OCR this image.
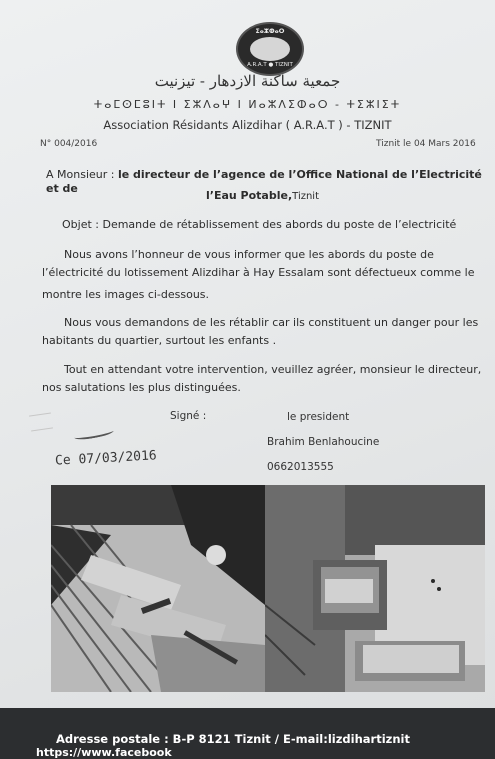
ⵉⴰⵣⵀⴰⵔ
A.R.A.T ● TIZNIT
جمعية ساكنة الازدهار - تيزنيت
ⵜⴰⵎⵙⵎⵓⵏⵜ ⵏ ⵉⵣⴷⴰⵖ ⵏ ⵍⴰⵣⴷⵉⵀⴰⵔ - ⵜⵉⵣⵏⵉⵜ
Association Résidants Alizdihar ( A.R.A.T ) - TIZNIT
N° 004/2016	Tiznit le 04 Mars 2016
A Monsieur : le directeur de l’agence de l’Office National de l’Electricité et de
l’Eau Potable,Tiznit
Objet : Demande de rétablissement des abords du poste de l’electricité
Nous avons l’honneur de vous informer que les abords du poste de
l’électricité du lotissement Alizdihar à Hay Essalam sont défectueux comme le
montre les images ci-dessous.
Nous vous demandons de les rétablir car ils constituent un danger pour les
habitants du quartier, surtout les enfants .
Tout en attendant votre intervention, veuillez agréer, monsieur le directeur,
nos salutations les plus distinguées.
Signé :	le president
Brahim Benlahoucine
0662013555
Ce 07/03/2016
Adresse postale : B-P 8121 Tiznit / E-mail:lizdihartiznit
https://www.facebook
